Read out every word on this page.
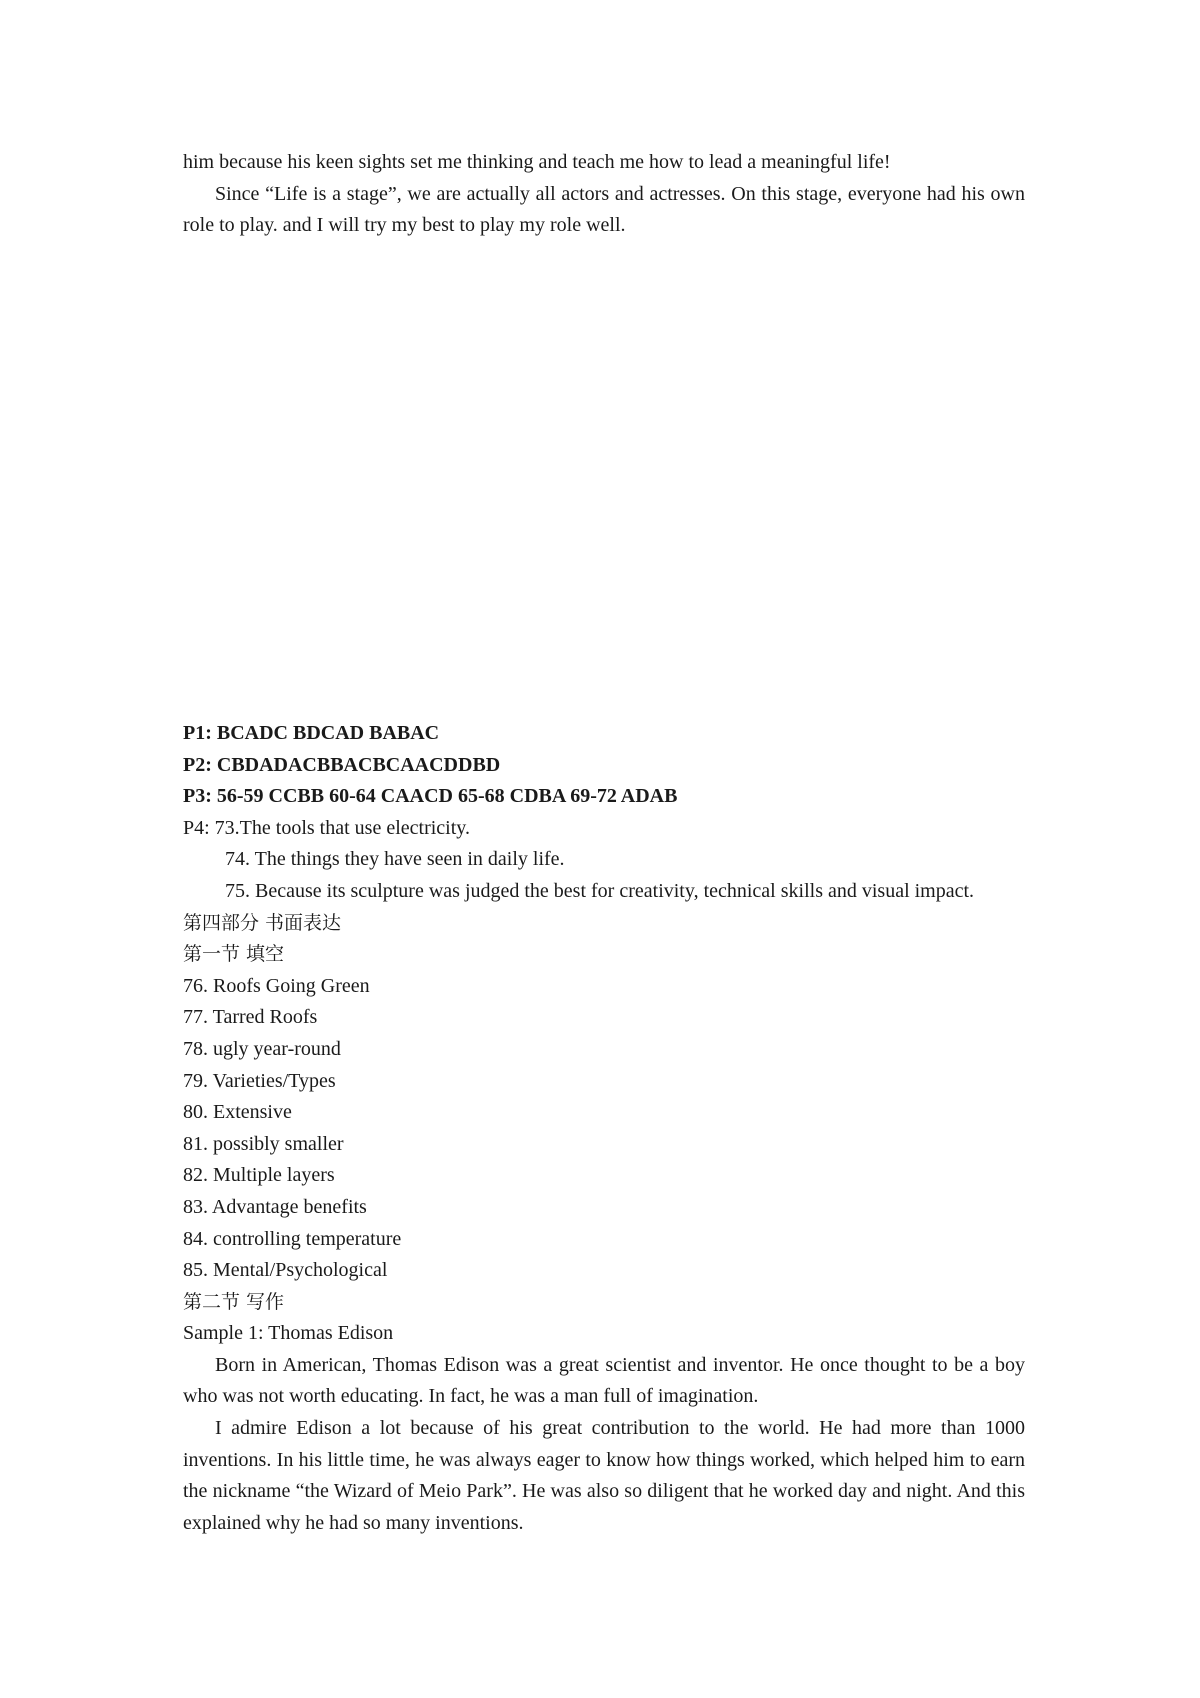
him because his keen sights set me thinking and teach me how to lead a meaningful life!
Since “Life is a stage”, we are actually all actors and actresses. On this stage, everyone had his own role to play. and I will try my best to play my role well.
P1: BCADC BDCAD BABAC
P2: CBDADACBBACBCAACDDBD
P3: 56-59 CCBB 60-64 CAACD 65-68 CDBA 69-72 ADAB
P4: 73.The tools that use electricity.
74. The things they have seen in daily life.
75. Because its sculpture was judged the best for creativity, technical skills and visual impact.
第四部分 书面表达
第一节 填空
76. Roofs Going Green
77. Tarred Roofs
78. ugly year-round
79. Varieties/Types
80. Extensive
81. possibly smaller
82. Multiple layers
83. Advantage benefits
84. controlling temperature
85. Mental/Psychological
第二节 写作
Sample 1: Thomas Edison
Born in American, Thomas Edison was a great scientist and inventor. He once thought to be a boy who was not worth educating. In fact, he was a man full of imagination.
I admire Edison a lot because of his great contribution to the world. He had more than 1000 inventions. In his little time, he was always eager to know how things worked, which helped him to earn the nickname “the Wizard of Meio Park”. He was also so diligent that he worked day and night. And this explained why he had so many inventions.
